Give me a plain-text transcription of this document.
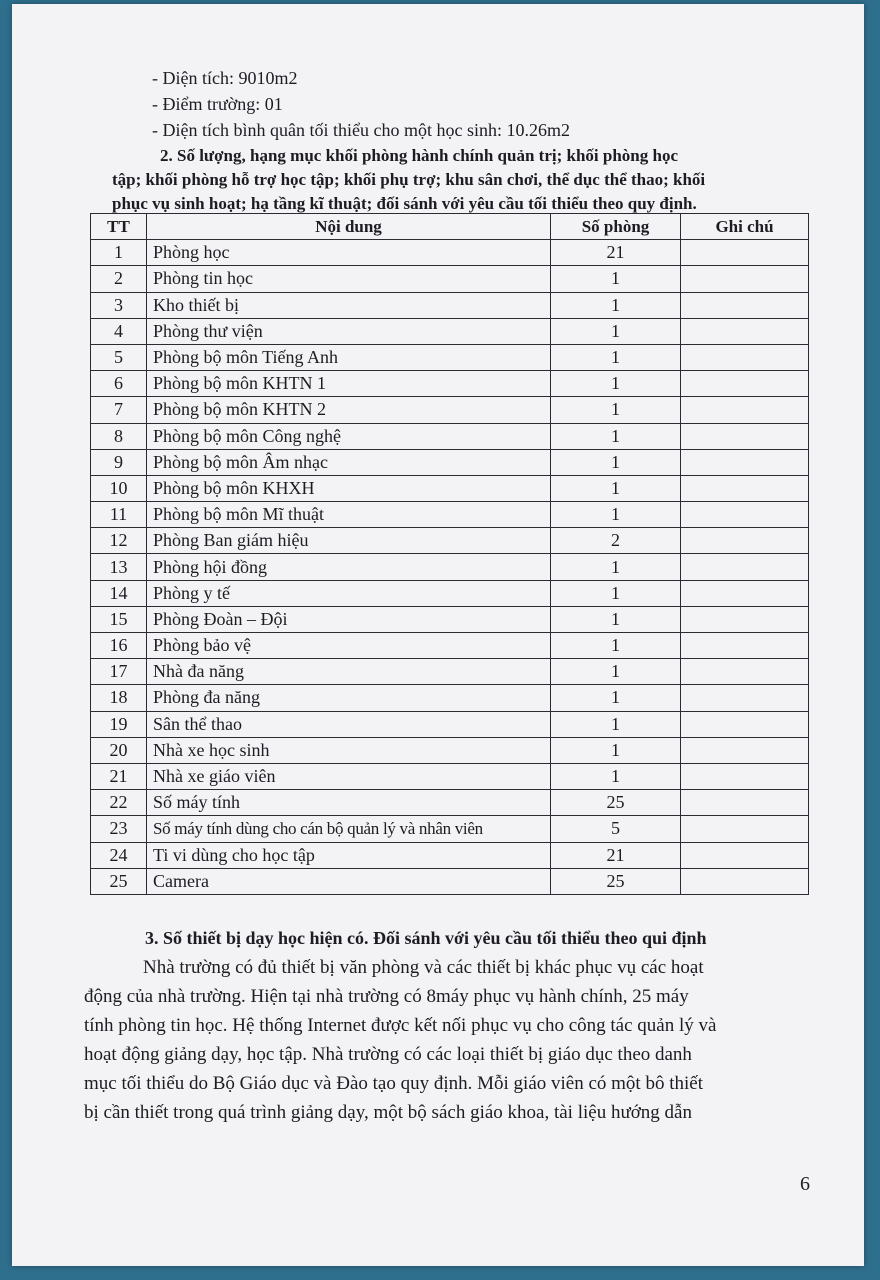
- Diện tích: 9010m2
- Điểm trường: 01
- Diện tích bình quân tối thiểu cho một học sinh: 10.26m2
2. Số lượng, hạng mục khối phòng hành chính quản trị; khối phòng học
tập; khối phòng hỗ trợ học tập; khối phụ trợ; khu sân chơi, thể dục thể thao; khối
phục vụ sinh hoạt; hạ tầng kĩ thuật; đối sánh với yêu cầu tối thiểu theo quy định.
TT	Nội dung	Số phòng	Ghi chú
1	Phòng học	21	
2	Phòng tin học	1	
3	Kho thiết bị	1	
4	Phòng thư viện	1	
5	Phòng bộ môn Tiếng Anh	1	
6	Phòng bộ môn KHTN 1	1	
7	Phòng bộ môn KHTN 2	1	
8	Phòng bộ môn Công nghệ	1	
9	Phòng bộ môn Âm nhạc	1	
10	Phòng bộ môn KHXH	1	
11	Phòng bộ môn Mĩ thuật	1	
12	Phòng Ban giám hiệu	2	
13	Phòng hội đồng	1	
14	Phòng y tế	1	
15	Phòng Đoàn – Đội	1	
16	Phòng bảo vệ	1	
17	Nhà đa năng	1	
18	Phòng đa năng	1	
19	Sân thể thao	1	
20	Nhà xe học sinh	1	
21	Nhà xe giáo viên	1	
22	Số máy tính	25	
23	Số máy tính dùng cho cán bộ quản lý và nhân viên	5	
24	Ti vi dùng cho học tập	21	
25	Camera	25	
3. Số thiết bị dạy học hiện có. Đối sánh với yêu cầu tối thiểu theo qui định
Nhà trường có đủ thiết bị văn phòng và các thiết bị khác phục vụ các hoạt
động của nhà trường. Hiện tại nhà trường có 8máy phục vụ hành chính, 25 máy
tính phòng tin học. Hệ thống Internet được kết nối phục vụ cho công tác quản lý và
hoạt động giảng dạy, học tập. Nhà trường có các loại thiết bị giáo dục theo danh
mục tối thiểu do Bộ Giáo dục và Đào tạo quy định. Mỗi giáo viên có một bô thiết
bị cần thiết trong quá trình giảng dạy, một bộ sách giáo khoa, tài liệu hướng dẫn
6
